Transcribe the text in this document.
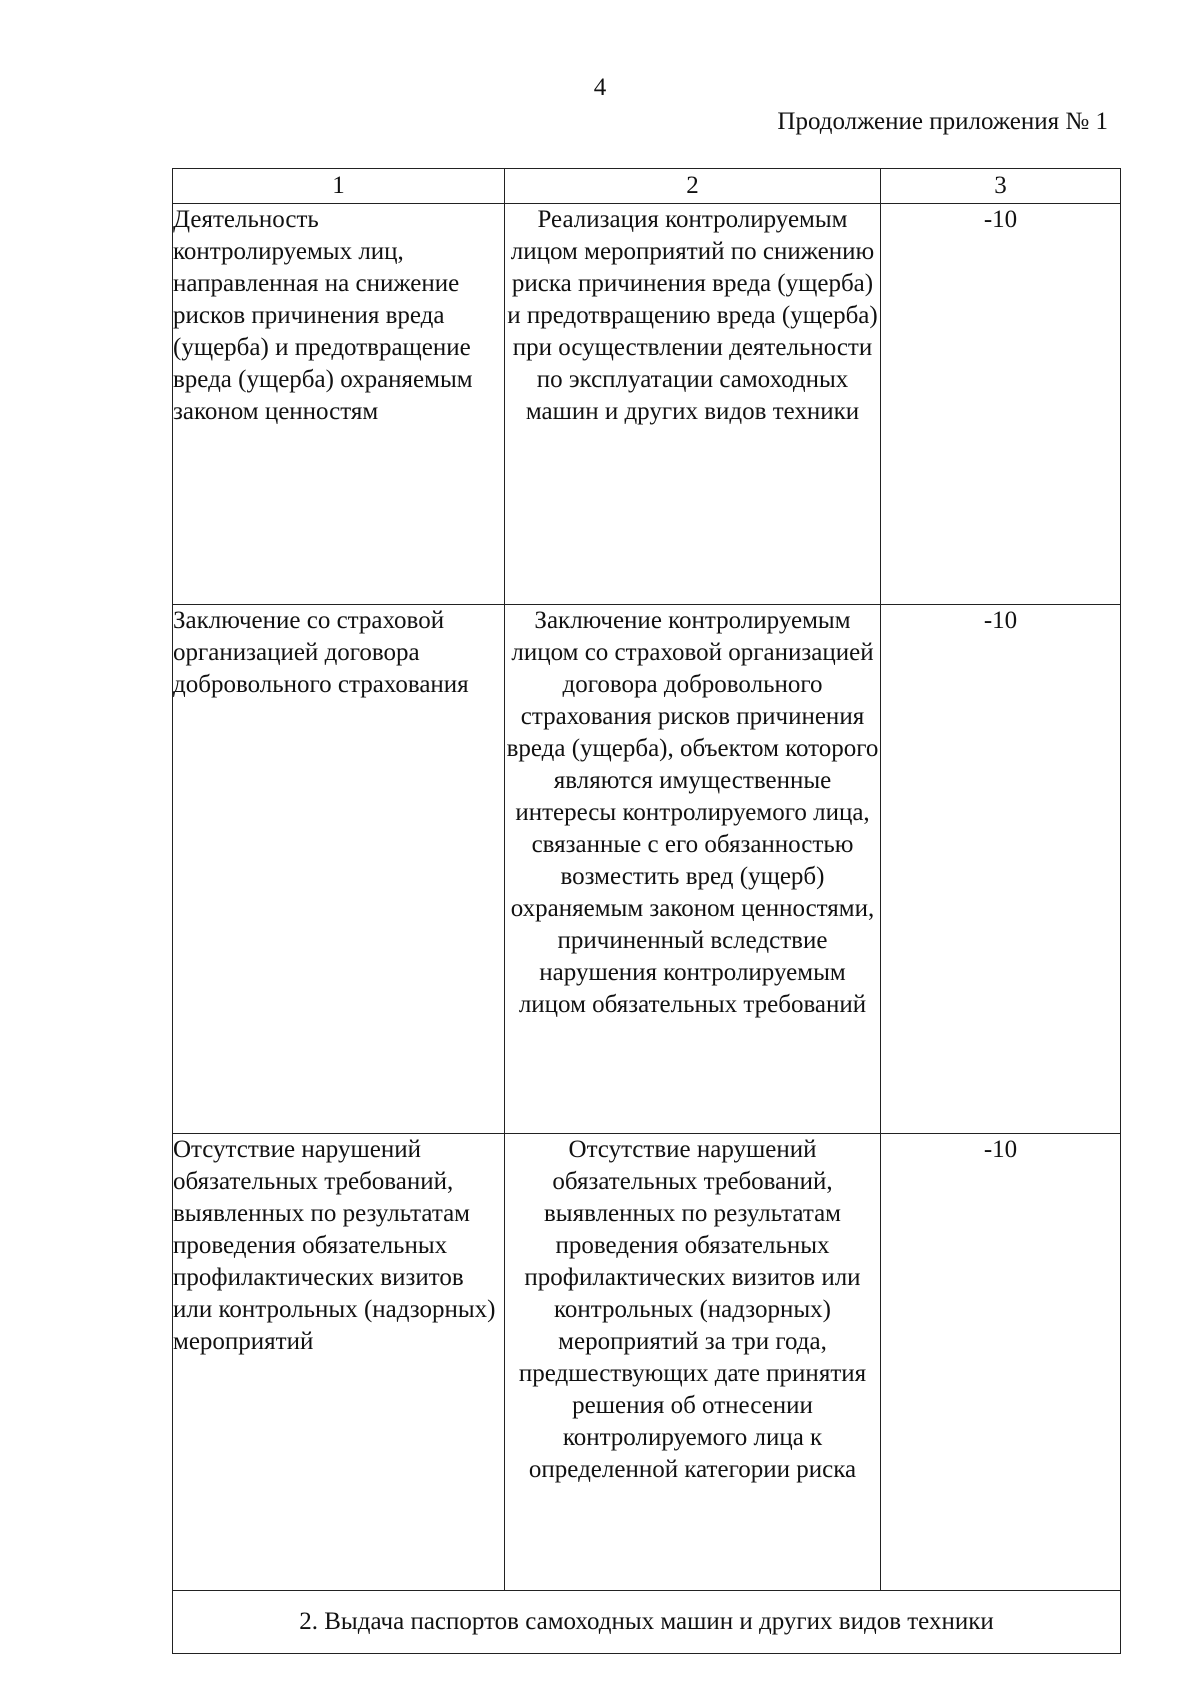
4
Продолжение приложения № 1
1	2	3
Деятельность контролируемых лиц, направленная на снижение рисков причинения вреда (ущерба) и предотвращение вреда (ущерба) охраняемым законом ценностям	Реализация контролируемым лицом мероприятий по снижению риска причинения вреда (ущерба) и предотвращению вреда (ущерба) при осуществлении деятельности по эксплуатации самоходных машин и других видов техники	-10
Заключение со страховой организацией договора добровольного страхования	Заключение контролируемым лицом со страховой организацией договора добровольного страхования рисков причинения вреда (ущерба), объектом которого являются имущественные интересы контролируемого лица, связанные с его обязанностью возместить вред (ущерб) охраняемым законом ценностями, причиненный вследствие нарушения контролируемым лицом обязательных требований	-10
Отсутствие нарушений обязательных требований, выявленных по результатам проведения обязательных профилактических визитов или контрольных (надзорных) мероприятий	Отсутствие нарушений обязательных требований, выявленных по результатам проведения обязательных профилактических визитов или контрольных (надзорных) мероприятий за три года, предшествующих дате принятия решения об отнесении контролируемого лица к определенной категории риска	-10
2. Выдача паспортов самоходных машин и других видов техники		
